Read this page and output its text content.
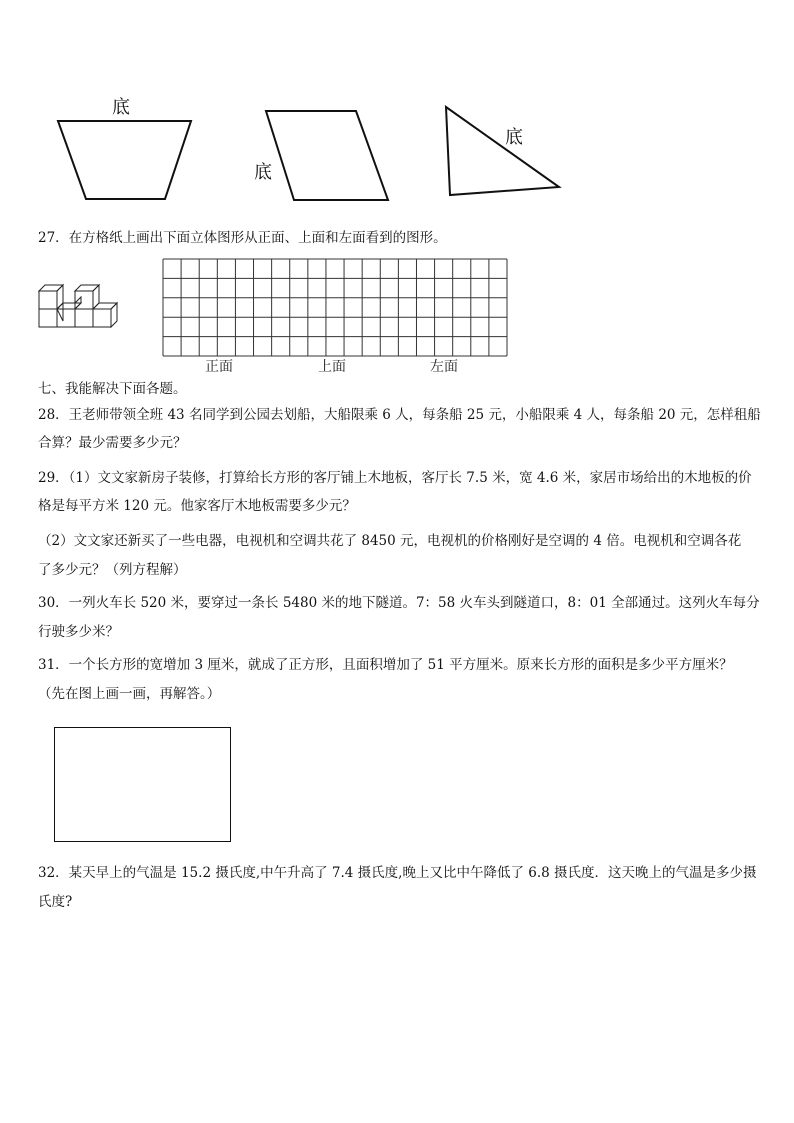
底
底
底
27．在方格纸上画出下面立体图形从正面、上面和左面看到的图形。
正面	上面	左面
七、我能解决下面各题。
28．王老师带领全班 43 名同学到公园去划船，大船限乘 6 人，每条船 25 元，小船限乘 4 人，每条船 20 元，怎样租船
合算？最少需要多少元？
29．（1）文文家新房子装修，打算给长方形的客厅铺上木地板，客厅长 7.5 米，宽 4.6 米，家居市场给出的木地板的价
格是每平方米 120 元。他家客厅木地板需要多少元？
（2）文文家还新买了一些电器，电视机和空调共花了 8450 元，电视机的价格刚好是空调的 4 倍。电视机和空调各花
了多少元？（列方程解）
30．一列火车长 520 米，要穿过一条长 5480 米的地下隧道。7：58 火车头到隧道口，8：01 全部通过。这列火车每分
行驶多少米？
31．一个长方形的宽增加 3 厘米，就成了正方形，且面积增加了 51 平方厘米。原来长方形的面积是多少平方厘米？
（先在图上画一画，再解答。）
32．某天早上的气温是 15.2 摄氏度,中午升高了 7.4 摄氏度,晚上又比中午降低了 6.8 摄氏度．这天晚上的气温是多少摄
氏度?
